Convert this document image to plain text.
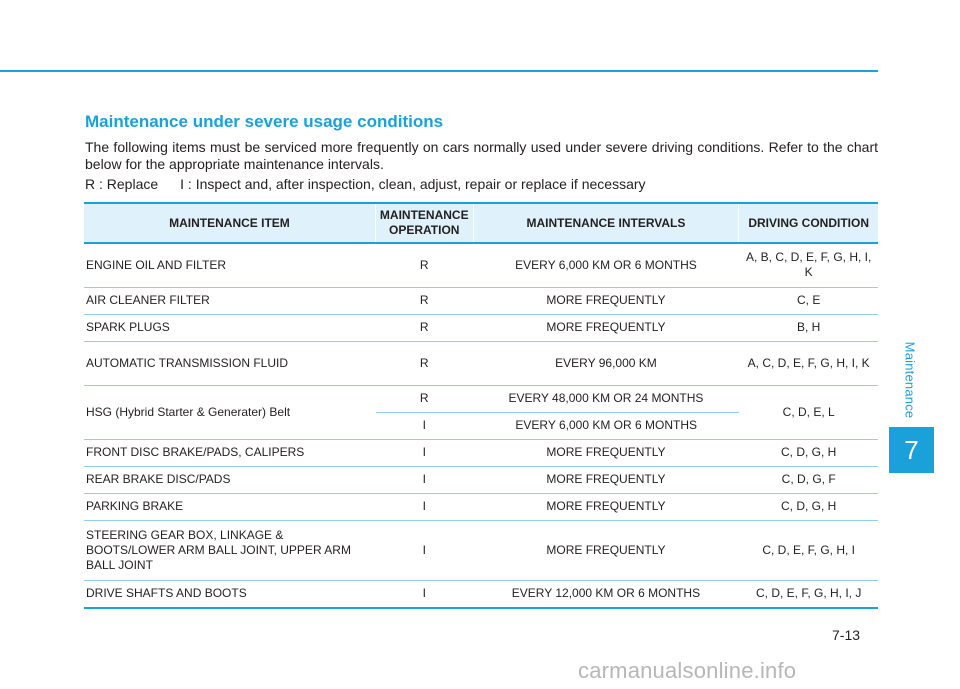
Maintenance
7
Maintenance under severe usage conditions

The following items must be serviced more frequently on cars normally used under severe driving conditions. Refer to the chart below for the appropriate maintenance intervals.

R : Replace I : Inspect and, after inspection, clean, adjust, repair or replace if necessary
MAINTENANCE ITEM	MAINTENANCE OPERATION	MAINTENANCE INTERVALS	DRIVING CONDITION
ENGINE OIL AND FILTER	R	EVERY 6,000 KM OR 6 MONTHS	A, B, C, D, E, F, G, H, I, K
AIR CLEANER FILTER	R	MORE FREQUENTLY	C, E
SPARK PLUGS	R	MORE FREQUENTLY	B, H
AUTOMATIC TRANSMISSION FLUID	R	EVERY 96,000 KM	A, C, D, E, F, G, H, I, K
HSG (Hybrid Starter & Generater) Belt	R	EVERY 48,000 KM OR 24 MONTHS	C, D, E, L
	I	EVERY 6,000 KM OR 6 MONTHS	
FRONT DISC BRAKE/PADS, CALIPERS	I	MORE FREQUENTLY	C, D, G, H
REAR BRAKE DISC/PADS	I	MORE FREQUENTLY	C, D, G, F
PARKING BRAKE	I	MORE FREQUENTLY	C, D, G, H
STEERING GEAR BOX, LINKAGE & BOOTS/LOWER ARM BALL JOINT, UPPER ARM BALL JOINT	I	MORE FREQUENTLY	C, D, E, F, G, H, I
DRIVE SHAFTS AND BOOTS	I	EVERY 12,000 KM OR 6 MONTHS	C, D, E, F, G, H, I, J
7-13
carmanualsonline.info
